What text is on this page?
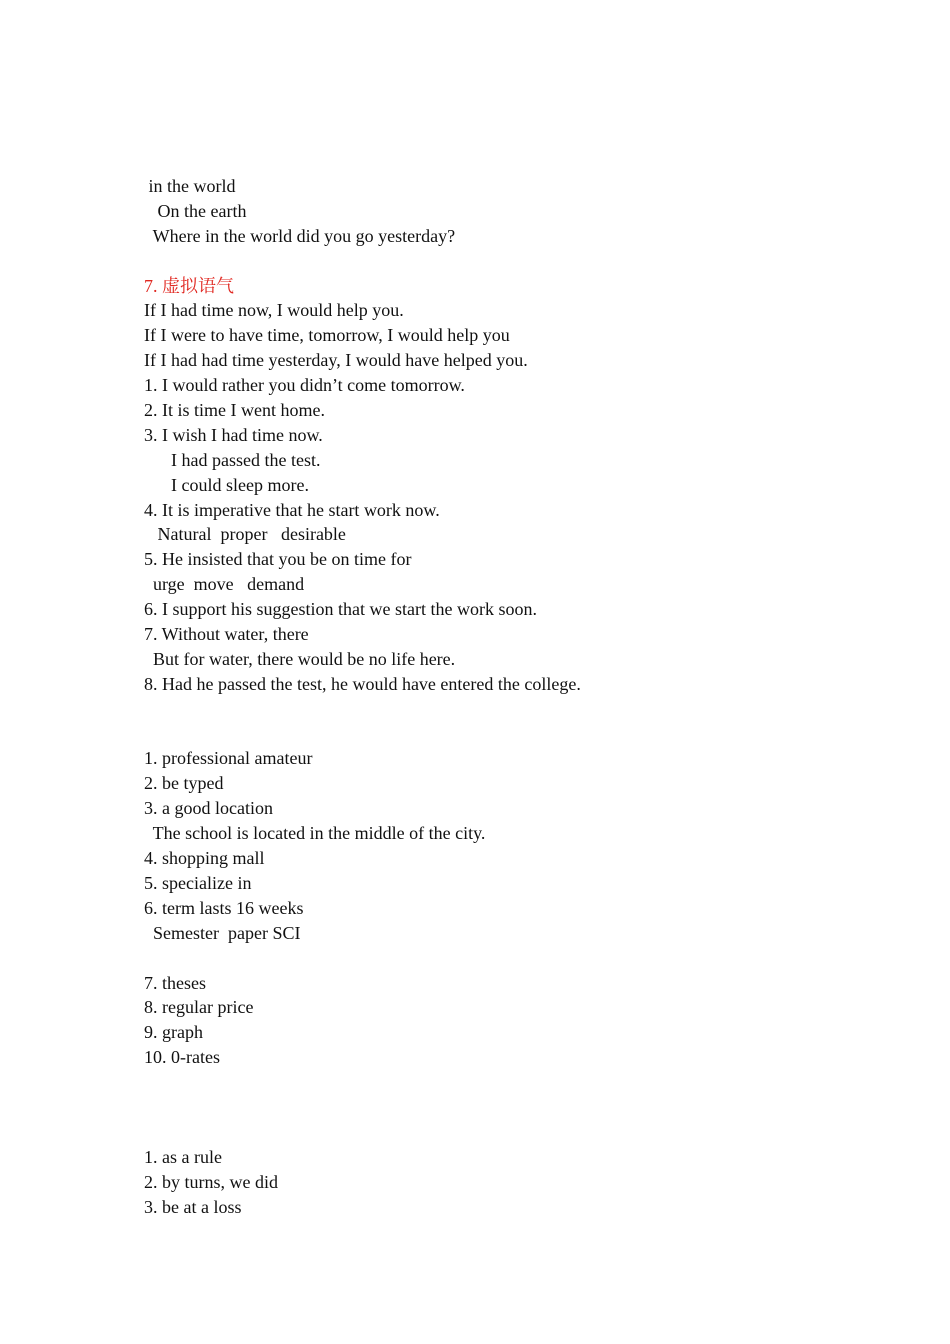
in the world
On the earth
Where in the world did you go yesterday?
7. 虚拟语气
If I had time now, I would help you.
If I were to have time, tomorrow, I would help you
If I had had time yesterday, I would have helped you.
1. I would rather you didn’t come tomorrow.
2. It is time I went home.
3. I wish I had time now.
I had passed the test.
I could sleep more.
4. It is imperative that he start work now.
Natural  proper   desirable
5. He insisted that you be on time for
urge  move   demand
6. I support his suggestion that we start the work soon.
7. Without water, there
But for water, there would be no life here.
8. Had he passed the test, he would have entered the college.
1. professional amateur
2. be typed
3. a good location
The school is located in the middle of the city.
4. shopping mall
5. specialize in
6. term lasts 16 weeks
Semester  paper SCI
7. theses
8. regular price
9. graph
10. 0-rates
1. as a rule
2. by turns, we did
3. be at a loss
